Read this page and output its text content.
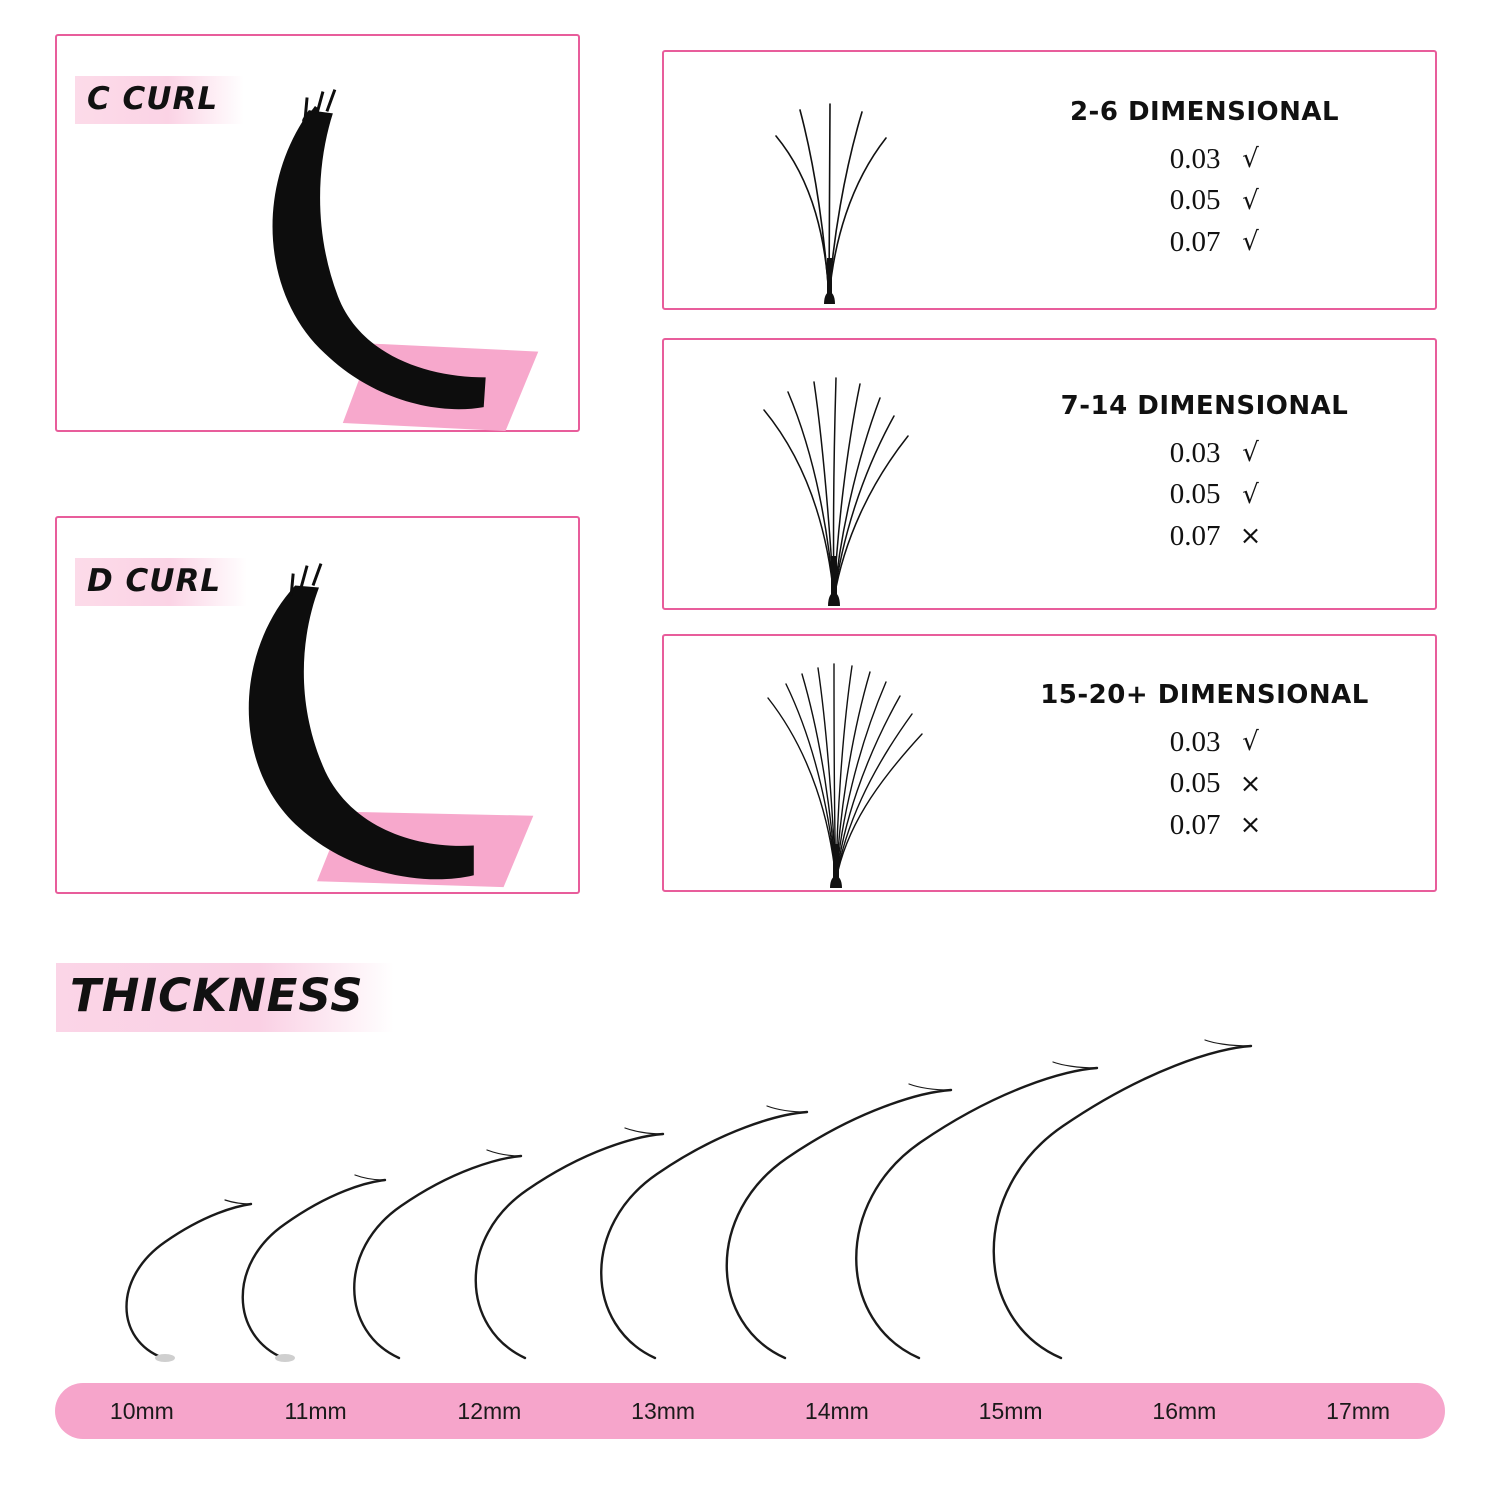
C CURL
D CURL
2-6 DIMENSIONAL
0.03 √
0.05 √
0.07 √
7-14 DIMENSIONAL
0.03 √
0.05 √
0.07 ×
15-20+ DIMENSIONAL
0.03 √
0.05 ×
0.07 ×
THICKNESS
10mm	11mm	12mm	13mm	14mm	15mm	16mm	17mm
